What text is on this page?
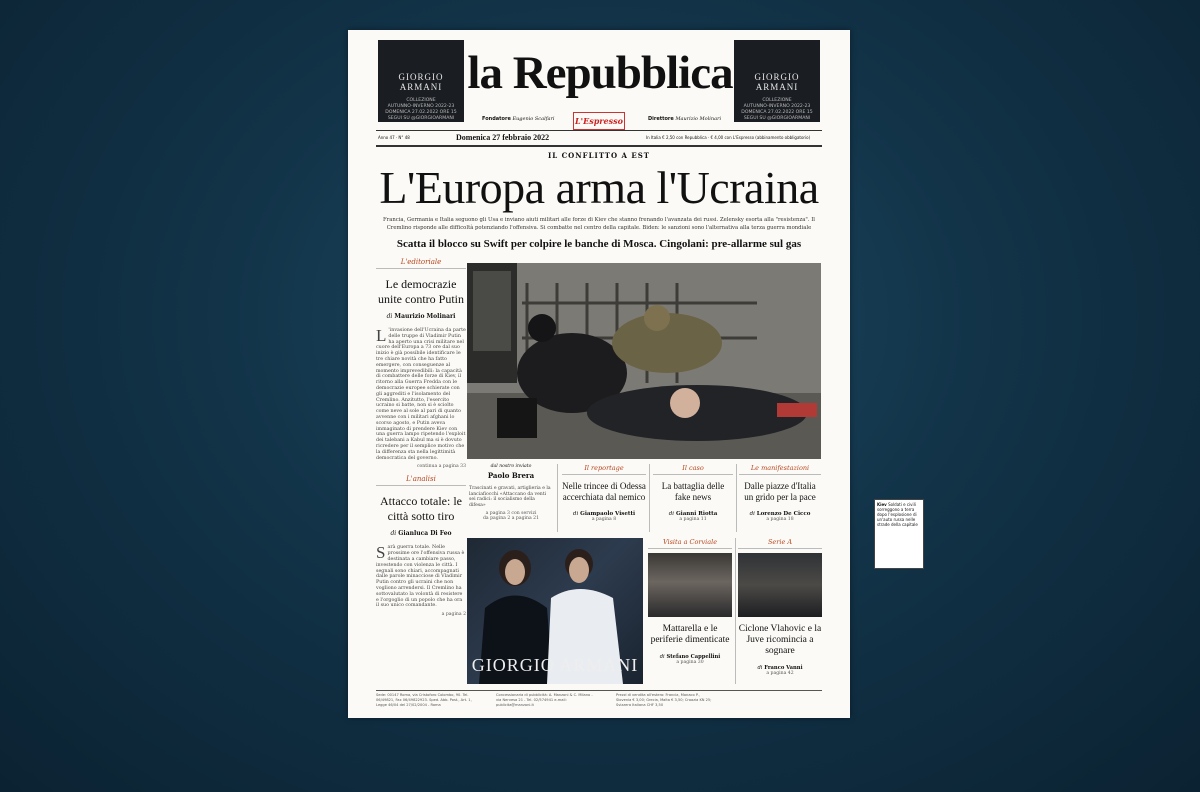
GIORGIO ARMANI
COLLEZIONE
AUTUNNO-INVERNO 2022-23
DOMENICA 27.02.2022 ORE 15
SEGUI SU @GIORGIOARMANI
la Repubblica
Fondatore Eugenio Scalfari	L'Espresso	Direttore Maurizio Molinari
GIORGIO ARMANI
COLLEZIONE
AUTUNNO-INVERNO 2022-23
DOMENICA 27.02.2022 ORE 15
SEGUI SU @GIORGIOARMANI
Anno 47 · N° 48	Domenica 27 febbraio 2022	In Italia € 2,50 con Repubblica · € 4,00 con L'Espresso (abbinamento obbligatorio)
IL CONFLITTO A EST
L'Europa arma l'Ucraina
Francia, Germania e Italia seguono gli Usa e inviano aiuti militari alle forze di Kiev che stanno frenando l'avanzata dei russi. Zelensky esorta alla "resistenza". Il Cremlino risponde alle difficoltà potenziando l'offensiva. Si combatte nel centro della capitale. Biden: le sanzioni sono l'alternativa alla terza guerra mondiale
Scatta il blocco su Swift per colpire le banche di Mosca. Cingolani: pre-allarme sul gas
L'editoriale
Le democrazie unite contro Putin
di Maurizio Molinari
L 'invasione dell'Ucraina da parte delle truppe di Vladimir Putin ha aperto una crisi militare nel cuore dell'Europa a 73 ore dal suo inizio è già possibile identificare le tre chiare novità che ha fatto emergere, con conseguenze al momento imprevedibili: la capacità di combattere delle forze di Kiev, il ritorno alla Guerra Fredda con le democrazie europee schierate con gli aggrediti e l'isolamento del Cremlino. Anzitutto, l'esercito ucraino si batte, non si è sciolto come neve al sole al pari di quanto avvenne con i militari afghani lo scorso agosto, e Putin aveva immaginato di prendere Kiev con una guerra lampo ripetendo l'exploit dei talebani a Kabul ma si è dovuto ricredere per il semplice motivo che la differenza sta nella legittimità democratica del governo.
continua a pagina 33
L'analisi
Attacco totale: le città sotto tiro
di Gianluca Di Feo
Sarà guerra totale. Nelle prossime ore l'offensiva russa è destinata a cambiare passo, investendo con violenza le città. I segnali sono chiari, accompagnati dalle parole minacciose di Vladimir Putin contro gli ucraini che non vogliono arrendersi. Il Cremlino ha sottovalutato la volontà di resistere e l'orgoglio di un popolo che ha ora il suo unico comandante.
a pagina 2
Kiev Soldati e civili sorreggono a terra dopo l'esplosione di un'auto russa nelle strade della capitale
dal nostro inviato
Paolo Brera
Trascinati e gravati, artiglieria e la lanciafiocchi «Attaccano da venti sei radici: il socialismo della difesa»
a pagina 3 con servizi
da pagina 2 a pagina 21
Il reportage
Nelle trincee di Odessa accerchiata dal nemico
di Giampaolo Visetti
a pagina 8
Il caso
La battaglia delle fake news
di Gianni Riotta
a pagina 11
Le manifestazioni
Dalle piazze d'Italia un grido per la pace
di Lorenzo De Cicco
a pagina 18
GIORGIO ARMANI
Visita a Corviale
Mattarella e le periferie dimenticate
di Stefano Cappellini
a pagina 30
Serie A
Ciclone Vlahovic e la Juve ricomincia a sognare
di Franco Vanni
a pagina 42
Sede: 00147 Roma, via Cristoforo Colombo, 90. Tel. 06/49821, Fax 06/49822923. Sped. Abb. Post., Art. 1, Legge 46/04 del 27/02/2004 - Roma
Concessionaria di pubblicità: A. Manzoni & C. Milano - via Nervesa 21 - Tel. 02/574941 e-mail: publicita@manzoni.it
Prezzi di vendita all'estero: Francia, Monaco P., Slovenia € 3,00; Grecia, Malta € 3,50; Croazia KN 25; Svizzera Italiana CHF 3,50
